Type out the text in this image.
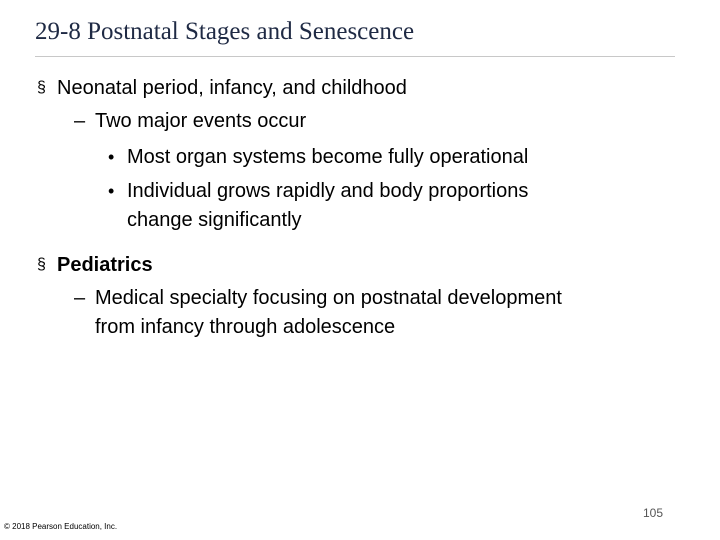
29-8 Postnatal Stages and Senescence
§ Neonatal period, infancy, and childhood
– Two major events occur
• Most organ systems become fully operational
• Individual grows rapidly and body proportions
change significantly
§ Pediatrics
– Medical specialty focusing on postnatal development
from infancy through adolescence
105
© 2018 Pearson Education, Inc.
